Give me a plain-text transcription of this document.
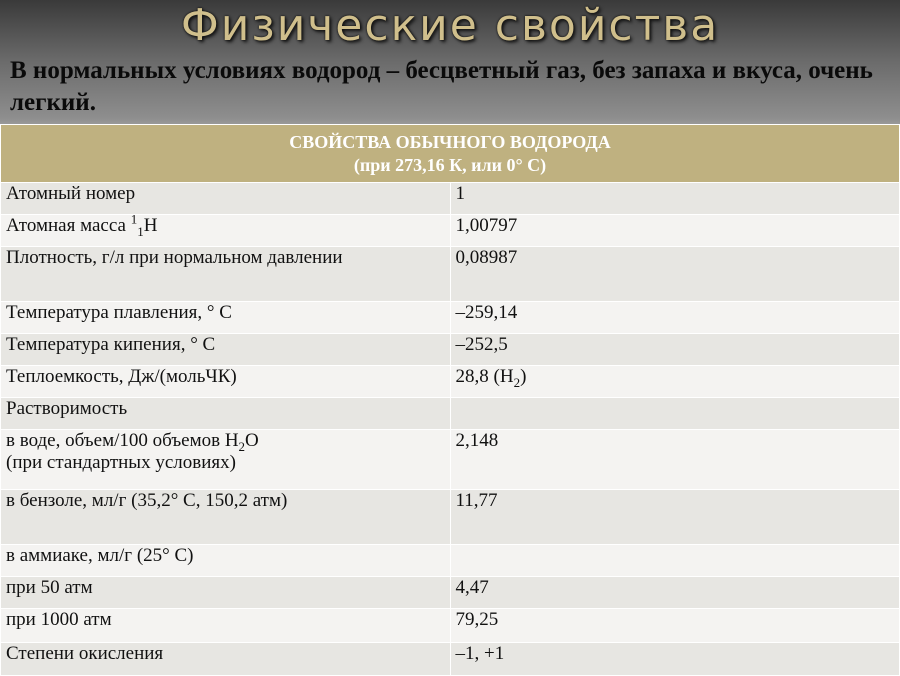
Физические свойства
В нормальных условиях водород – бесцветный газ, без запаха и вкуса, очень легкий.
СВОЙСТВА ОБЫЧНОГО ВОДОРОДА
(при 273,16 К, или 0° С)	

Атомный номер	1
Атомная масса $^1_1$H	1,00797
Плотность, г/л при нормальном давлении	0,08987
Температура плавления, ° С	–259,14
Температура кипения, ° С	–252,5
Теплоемкость, Дж/(мольЧК)	28,8 $(H_2)$
Растворимость	

в воде, объем/100 объемов $H_2O$
(при стандартных условиях)	2,148
в бензоле, мл/г (35,2° С, 150,2 атм)	11,77
в аммиаке, мл/г (25° С)	
при 50 атм	4,47
при 1000 атм	79,25
Степени окисления	–1, +1
